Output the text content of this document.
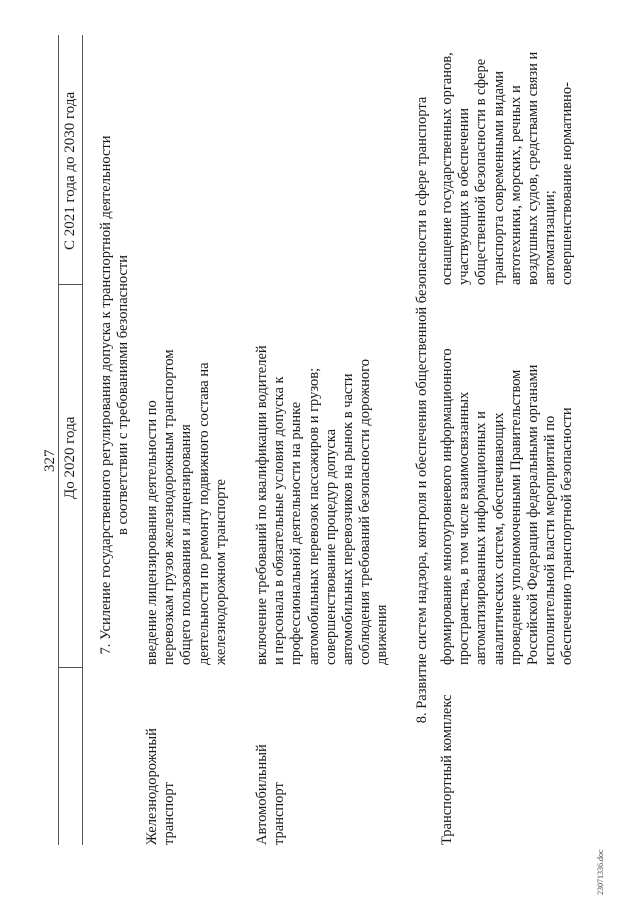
327 До 2020 года
С 2021 года до 2030 года 7. Усиление государственного регулирования допуска к транспортной деятельности в соответствии с требованиями безопасности
Железнодорожный транспорт
введение лицензирования деятельности по перевозкам грузов железнодорожным транспортом общего пользования и лицензирования деятельности по ремонту подвижного состава на железнодорожном транспорте
Автомобильный транспорт
включение требований по квалификации водителей и персонала в обязательные условия допуска к профессиональной деятельности на рынке автомобильных перевозок пассажиров и грузов; совершенствование процедур допуска автомобильных перевозчиков на рынок в части соблюдения требований безопасности дорожного движения 8. Развитие систем надзора, контроля и обеспечения общественной безопасности в сфере транспорта
Транспортный комплекс
формирование многоуровневого информационного пространства, в том числе взаимосвязанных автоматизированных информационных и аналитических систем, обеспечивающих проведение уполномоченными Правительством Российской Федерации федеральными органами исполнительной власти мероприятий по обеспечению транспортной безопасности
оснащение государственных органов, участвующих в обеспечении общественной безопасности в сфере транспорта современными видами автотехники, морских, речных и воздушных судов, средствами связи и автоматизации; совершенствование нормативно-
23071336.doc
